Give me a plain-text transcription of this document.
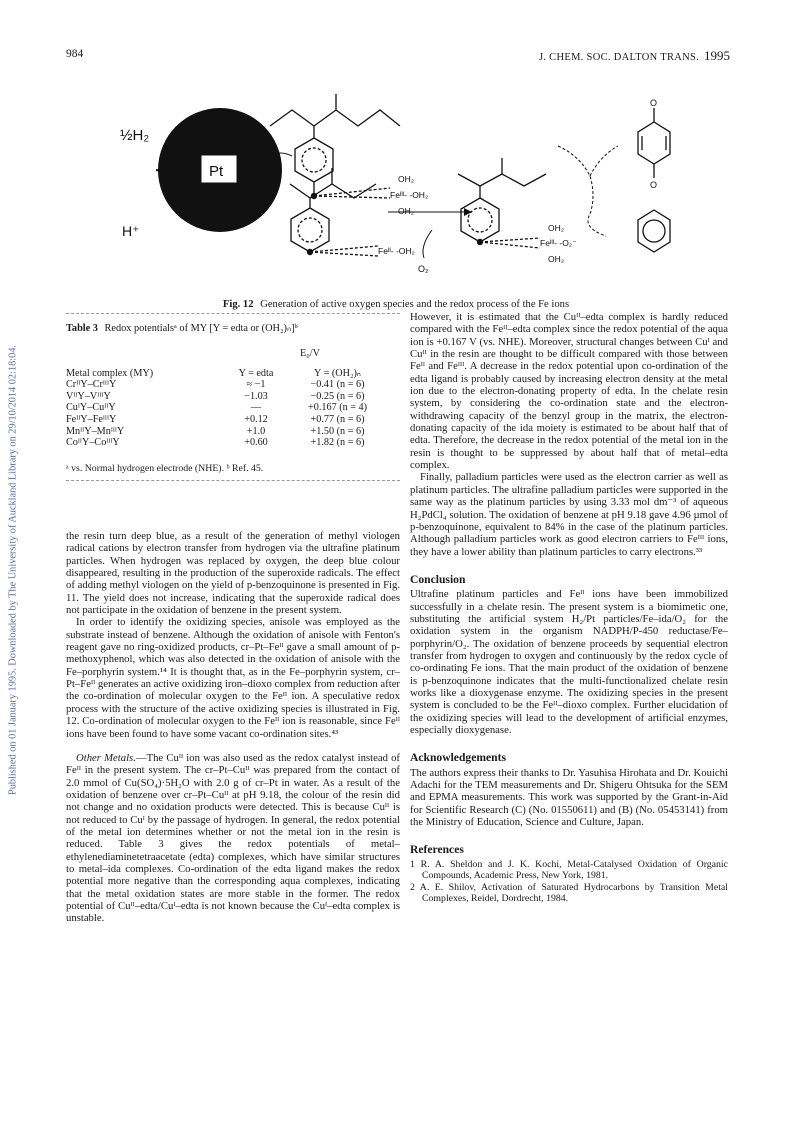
Published on 01 January 1995. Downloaded by The University of Auckland Library on 29/10/2014 02:18:04.
984	J. CHEM. SOC. DALTON TRANS. 1995
½H₂
H⁺
Pt
Feᴵᴵᴵ- -OH₂
OH₂
OH₂
Feᴵᴵ- -OH₂
O₂
Feᴵᴵᴵ- -O₂⁻
OH₂
OH₂
O
O
Fig. 12 Generation of active oxygen species and the redox process of the Fe ions
Table 3 Redox potentialsᵃ of MY [Y = edta or (OH₂)ₙ]ᵇ
	E₀/V	

Metal complex (MY)	Y = edta	Y = (OH₂)ₙ
CrᴵᴵY–CrᴵᴵᴵY	≈ −1	−0.41 (n = 6)
VᴵᴵY–VᴵᴵᴵY	−1.03	−0.25 (n = 6)
CuᴵY–CuᴵᴵY	—	+0.167 (n = 4)
FeᴵᴵY–FeᴵᴵᴵY	+0.12	+0.77 (n = 6)
MnᴵᴵY–MnᴵᴵᴵY	+1.0	+1.50 (n = 6)
CoᴵᴵY–CoᴵᴵᴵY	+0.60	+1.82 (n = 6)
ᵃ vs. Normal hydrogen electrode (NHE). ᵇ Ref. 45.

the resin turn deep blue, as a result of the generation of methyl viologen radical cations by electron transfer from hydrogen via the ultrafine platinum particles. When hydrogen was replaced by oxygen, the deep blue colour disappeared, resulting in the production of the superoxide radicals. The effect of adding methyl viologen on the yield of p-benzoquinone is presented in Fig. 11. The yield does not increase, indicating that the superoxide radical does not participate in the oxidation of benzene in the present system.

In order to identify the oxidizing species, anisole was employed as the substrate instead of benzene. Although the oxidation of anisole with Fenton's reagent gave no ring-oxidized products, cr–Pt–Feᴵᴵ gave a small amount of p-methoxyphenol, which was also detected in the oxidation of anisole with the Fe–porphyrin system.¹⁴ It is thought that, as in the Fe–porphyrin system, cr–Pt–Feᴵᴵ generates an active oxidizing iron–dioxo complex from reduction after the co-ordination of molecular oxygen to the Feᴵᴵ ion. A speculative redox process with the structure of the active oxidizing species is illustrated in Fig. 12. Co-ordination of molecular oxygen to the Feᴵᴵ ion is reasonable, since Feᴵᴵ ions have been found to have some vacant co-ordination sites.⁴³

Other Metals.—The Cuᴵᴵ ion was also used as the redox catalyst instead of Feᴵᴵ in the present system. The cr–Pt–Cuᴵᴵ was prepared from the contact of 2.0 mmol of Cu(SO₄)·5H₂O with 2.0 g of cr–Pt in water. As a result of the oxidation of benzene over cr–Pt–Cuᴵᴵ at pH 9.18, the colour of the resin did not change and no oxidation products were detected. This is because Cuᴵᴵ is not reduced to Cuᴵ by the passage of hydrogen. In general, the redox potential of the metal ion determines whether or not the metal ion in the resin is reduced. Table 3 gives the redox potentials of metal–ethylenediaminetetraacetate (edta) complexes, which have similar structures to metal–ida complexes. Co-ordination of the edta ligand makes the redox potential more negative than the corresponding aqua complexes, indicating that the metal oxidation states are more stable in the former. The redox potential of Cuᴵᴵ–edta/Cuᴵ–edta is not known because the Cuᴵ–edta complex is unstable.

However, it is estimated that the Cuᴵᴵ–edta complex is hardly reduced compared with the Feᴵᴵ–edta complex since the redox potential of the aqua ion is +0.167 V (vs. NHE). Moreover, structural changes between Cuᴵ and Cuᴵᴵ in the resin are thought to be difficult compared with those between Feᴵᴵ and Feᴵᴵᴵ. A decrease in the redox potential upon co-ordination of the edta ligand is probably caused by increasing electron density at the metal ion due to the electron-donating property of edta. In the chelate resin system, by considering the co-ordination state and the electron-withdrawing capacity of the benzyl group in the matrix, the electron-donating capacity of the ida moiety is estimated to be about half that of edta. Therefore, the decrease in the redox potential of the metal ion in the resin is thought to be suppressed by about half that of metal–edta complex.

Finally, palladium particles were used as the electron carrier as well as platinum particles. The ultrafine palladium particles were supported in the same way as the platinum particles by using 3.33 mol dm⁻³ of aqueous H₂PdCl₄ solution. The oxidation of benzene at pH 9.18 gave 4.96 µmol of p-benzoquinone, equivalent to 84% in the case of the platinum particles. Although palladium particles work as good electron carriers to Feᴵᴵᴵ ions, they have a lower ability than platinum particles to carry electrons.³³

Conclusion

Ultrafine platinum particles and Feᴵᴵ ions have been immobilized successfully in a chelate resin. The present system is a biomimetic one, substituting the artificial system H₂/Pt particles/Fe–ida/O₂ for the oxidation system in the organism NADPH/P-450 reductase/Fe–porphyrin/O₂. The oxidation of benzene proceeds by sequential electron transfer from hydrogen to oxygen and continuously by the redox cycle of co-ordinating Fe ions. That the main product of the oxidation of benzene is p-benzoquinone indicates that the multi-functionalized chelate resin works like a dioxygenase enzyme. The oxidizing species in the present system is concluded to be the Feᴵᴵ–dioxo complex. Further elucidation of the oxidizing species will lead to the development of artificial enzymes, especially dioxygenase.

Acknowledgements

The authors express their thanks to Dr. Yasuhisa Hirohata and Dr. Kouichi Adachi for the TEM measurements and Dr. Shigeru Ohtsuka for the SEM and EPMA measurements. This work was supported by the Grant-in-Aid for Scientific Research (C) (No. 01550611) and (B) (No. 05453141) from the Ministry of Education, Science and Culture, Japan.

References
1 R. A. Sheldon and J. K. Kochi, Metal-Catalysed Oxidation of Organic Compounds, Academic Press, New York, 1981.
2 A. E. Shilov, Activation of Saturated Hydrocarbons by Transition Metal Complexes, Reidel, Dordrecht, 1984.
